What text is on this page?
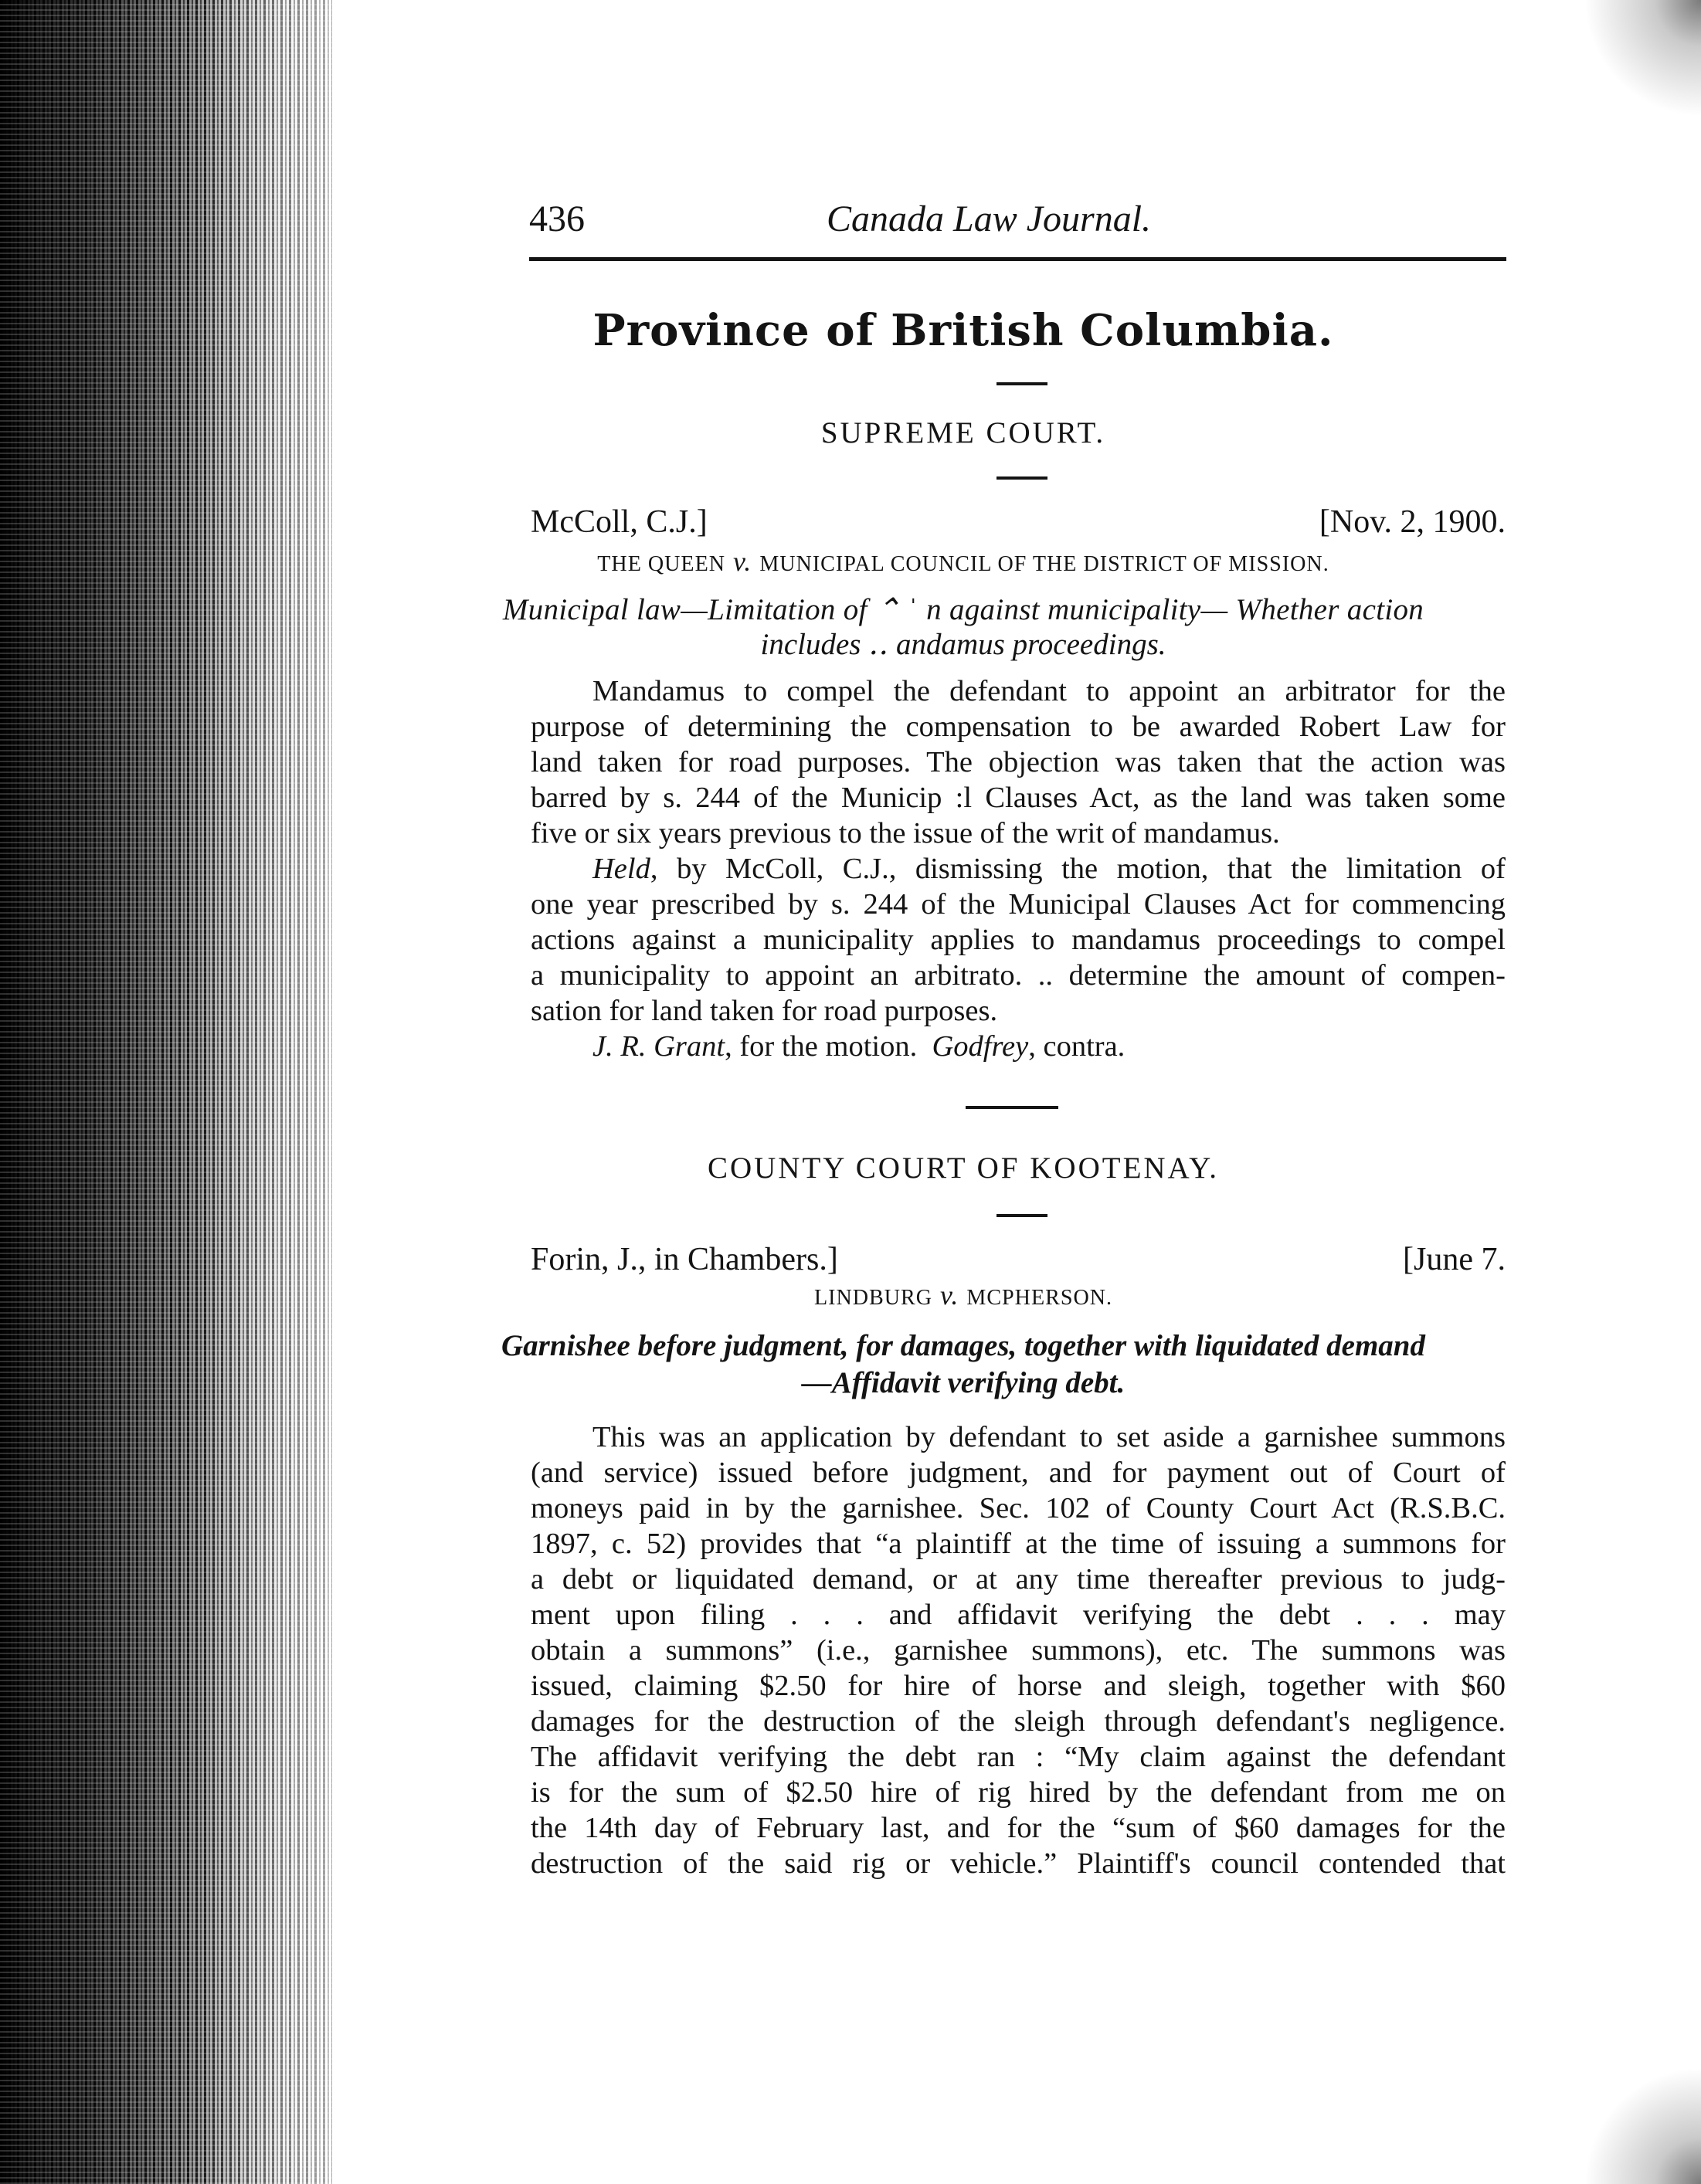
436	Canada Law Journal.
Province of British Columbia.
SUPREME COURT.
McColl, C.J.]	[Nov. 2, 1900.
THE QUEEN v. MUNICIPAL COUNCIL OF THE DISTRICT OF MISSION.
Municipal law—Limitation of ⌃ ˈ n against municipality— Whether action
includes ‥ andamus proceedings.
Mandamus to compel the defendant to appoint an arbitrator for the
purpose of determining the compensation to be awarded Robert Law for
land taken for road purposes. The objection was taken that the action was
barred by s. 244 of the Municip :l Clauses Act, as the land was taken some
five or six years previous to the issue of the writ of mandamus.
Held, by McColl, C.J., dismissing the motion, that the limitation of
one year prescribed by s. 244 of the Municipal Clauses Act for commencing
actions against a municipality applies to mandamus proceedings to compel
a municipality to appoint an arbitrato. .. determine the amount of compen-
sation for land taken for road purposes.
J. R. Grant, for the motion. Godfrey, contra.
COUNTY COURT OF KOOTENAY.
Forin, J., in Chambers.]	[June 7.
LINDBURG v. MCPHERSON.
Garnishee before judgment, for damages, together with liquidated demand
—Affidavit verifying debt.
This was an application by defendant to set aside a garnishee summons
(and service) issued before judgment, and for payment out of Court of
moneys paid in by the garnishee. Sec. 102 of County Court Act (R.S.B.C.
1897, c. 52) provides that “a plaintiff at the time of issuing a summons for
a debt or liquidated demand, or at any time thereafter previous to judg-
ment upon filing . . . and affidavit verifying the debt . . . may
obtain a summons” (i.e., garnishee summons), etc. The summons was
issued, claiming $2.50 for hire of horse and sleigh, together with $60
damages for the destruction of the sleigh through defendant's negligence.
The affidavit verifying the debt ran : “My claim against the defendant
is for the sum of $2.50 hire of rig hired by the defendant from me on
the 14th day of February last, and for the “sum of $60 damages for the
destruction of the said rig or vehicle.” Plaintiff's council contended that
